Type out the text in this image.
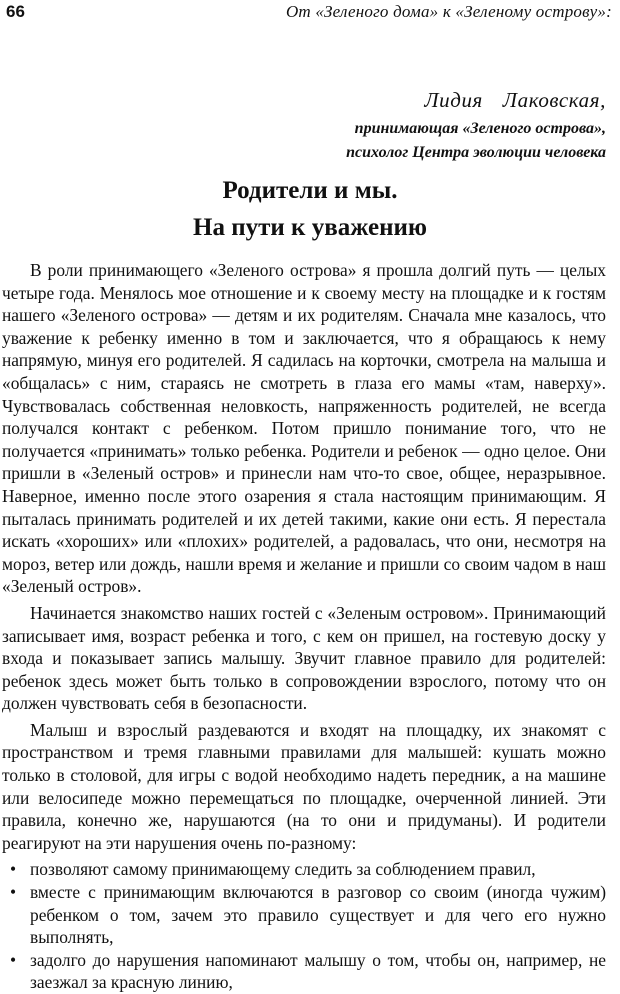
66	От «Зеленого дома» к «Зеленому острову»:
Лидия Лаковская,
принимающая «Зеленого острова»,
психолог Центра эволюции человека
Родители и мы.
На пути к уважению

В роли принимающего «Зеленого острова» я прошла долгий путь — целых четыре года. Менялось мое отношение и к своему месту на площадке и к гостям нашего «Зеленого острова» — детям и их родителям. Сначала мне казалось, что уважение к ребенку именно в том и заключается, что я обращаюсь к нему напрямую, минуя его родителей. Я садилась на корточки, смотрела на малыша и «общалась» с ним, стараясь не смотреть в глаза его мамы «там, наверху». Чувствовалась собственная неловкость, напряженность родителей, не всегда получался контакт с ребенком. Потом пришло понимание того, что не получается «принимать» только ребенка. Родители и ребенок — одно целое. Они пришли в «Зеленый остров» и принесли нам что-то свое, общее, неразрывное. Наверное, именно после этого озарения я стала настоящим принимающим. Я пыталась принимать родителей и их детей такими, какие они есть. Я перестала искать «хороших» или «плохих» родителей, а радовалась, что они, несмотря на мороз, ветер или дождь, нашли время и желание и пришли со своим чадом в наш «Зеленый остров».

Начинается знакомство наших гостей с «Зеленым островом». Принимающий записывает имя, возраст ребенка и того, с кем он пришел, на гостевую доску у входа и показывает запись малышу. Звучит главное правило для родителей: ребенок здесь может быть только в сопровождении взрослого, потому что он должен чувствовать себя в безопасности.

Малыш и взрослый раздеваются и входят на площадку, их знакомят с пространством и тремя главными правилами для малышей: кушать можно только в столовой, для игры с водой необходимо надеть передник, а на машине или велосипеде можно перемещаться по площадке, очерченной линией. Эти правила, конечно же, нарушаются (на то они и придуманы). И родители реагируют на эти нарушения очень по-разному:

• позволяют самому принимающему следить за соблюдением правил,
• вместе с принимающим включаются в разговор со своим (иногда чужим) ребенком о том, зачем это правило существует и для чего его нужно выполнять,
• задолго до нарушения напоминают малышу о том, чтобы он, например, не заезжал за красную линию,
